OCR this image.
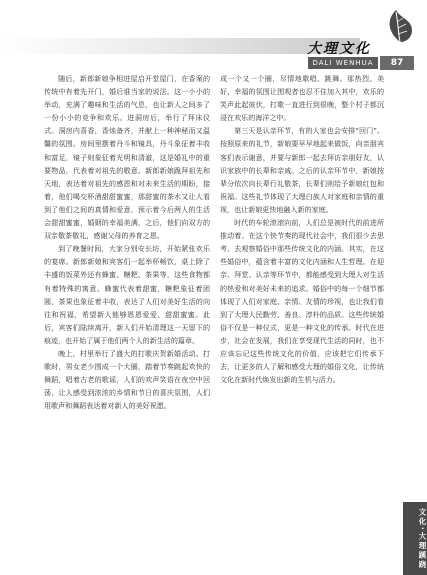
大理文化
DALI WENHUA	87

随后，新郎新娘争相进屋启开堂屋门，在香案的传统中有着先开门，婚后谁当家的说法。这一小小的举动，充满了趣味和生活的气息，也让新人之间多了一份小小的竞争和欢乐。进洞房后，举行了拜床仪式。洞房内喜香，香烛备齐，并献上一种神秘而又温馨的氛围。房间里摆着丹斗和镜具，丹斗象征着丰收和富足，镜子则象征着光明和清澈，这是婚礼中的重要物品，代表着对祖先的敬意。新郎新娘跪拜祖先和天地，表达着对祖先的感恩和对未来生活的期盼，接着，他们喝交杯酒甜甜蜜蜜，那甜蜜的茶水又让人看到了他们之间的真情和爱意，预示着今后两人的生活会甜甜蜜蜜，婚姻的幸福美满，之后，他们向双方的双亲敬茶敬礼，感谢父母的养育之恩。

到了晚餐时间，大家分别安长坊，开始紧张欢乐的宴席。新郎新娘和宾客们一起举杯畅饮，桌上除了丰盛的饭菜外还有蜂蜜、糖粑、茶果等，这些食物都有着特殊的寓意。蜂蜜代表着甜蜜，糖粑象征着团圆，茶果也象征着丰收，表达了人们对美好生活的向往和祝福，希望新人能够恩恩爱爱、甜甜蜜蜜。此后，宾客们陆续离开，新人们开始清理这一天留下的痕迹，也开始了属于他们两个人的新生活的篇章。

晚上，村里举行了盛大的打歌庆贺新婚活动。打歌时，男女老少围成一个大圈，踏着节奏跳起欢快的舞蹈，唱着古老的歌谣，人们的欢声笑语在夜空中回荡，让人感受到浓浓的乡情和节日的喜庆氛围，人们用歌声和舞蹈表达着对新人的美好祝愿。

成一个又一个圈，尽情地歌唱、跳舞。那热烈、美好、幸福的氛围让围观者也忍不住加入其中，欢乐的笑声此起彼伏，打歌一直进行到很晚，整个村子都沉浸在欢乐的海洋之中。

第三天是认亲环节，有的人家也会安排“回门”。按照原来的礼节，新娘要早早地起来做饭，向亲朋宾客们表示谢意，并要与新郎一起去拜访亲朋好友，认识家族中的长辈和亲戚。之后的认亲环节中，新娘按辈分依次向长辈行礼敬茶，长辈们则给予新娘红包和祝福。这些礼节体现了大理白族人对家庭和亲情的重视，也让新娘更快地融入新的家庭。

时代的车轮滚滚向前，人们总是被时代的前进所推动着。在这个快节奏的现代社会中，我们很少去思考、去观察婚俗中那些传统文化的内涵。其实，在这些婚俗中，蕴含着丰富的文化内涵和人生哲理。在迎亲、拜堂、认亲等环节中，都能感受到大理人对生活的热爱和对美好未来的追求。婚俗中的每一个细节都体现了人们对家庭、亲情、友情的珍视，也让我们看到了大理人民勤劳、善良、淳朴的品质。这些传统婚俗不仅是一种仪式，更是一种文化的传承。时代在进步，社会在发展，我们在享受现代生活的同时，也不应该忘记这些传统文化的价值，应该把它们传承下去，让更多的人了解和感受大理的婚俗文化，让传统文化在新时代焕发出新的生机与活力。

文化·大理蹊跷
